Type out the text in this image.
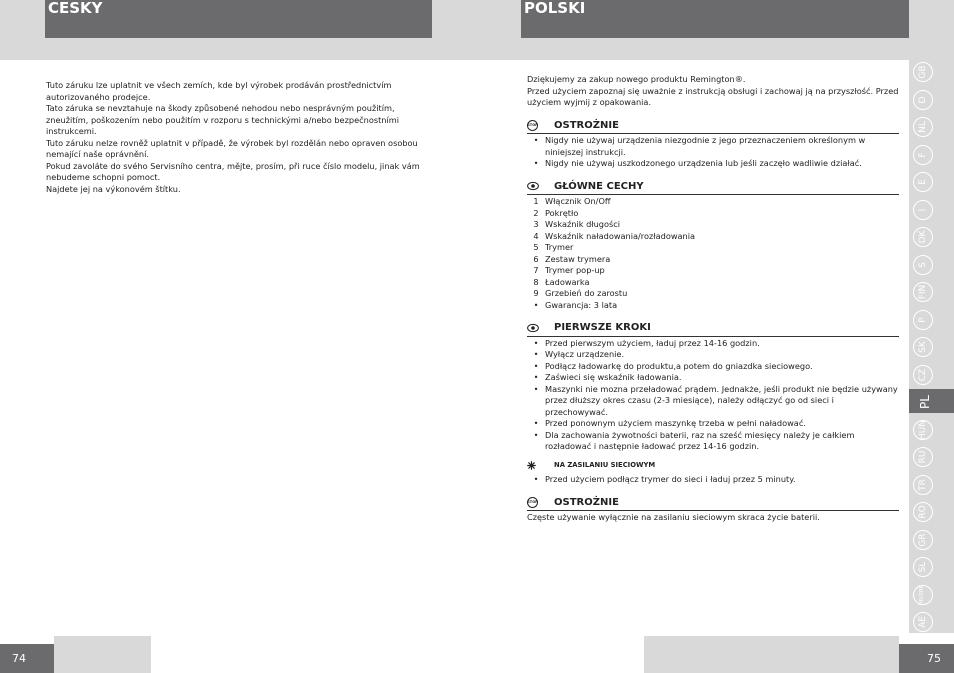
CESKY	POLSKI

Tuto záruku lze uplatnit ve všech zemích, kde byl výrobek prodáván prostřednictvím autorizovaného prodejce.

Tato záruka se nevztahuje na škody způsobené nehodou nebo nesprávným použitím, zneužitím, poškozením nebo použitím v rozporu s technickými a/nebo bezpečnostními instrukcemi.

Tuto záruku nelze rovněž uplatnit v případě, že výrobek byl rozdělán nebo opraven osobou nemající naše oprávnění.

Pokud zavoláte do svého Servisního centra, mějte, prosím, při ruce číslo modelu, jinak vám nebudeme schopni pomoct.

Najdete jej na výkonovém štítku.

Dziękujemy za zakup nowego produktu Remington®.

Przed użyciem zapoznaj się uważnie z instrukcją obsługi i zachowaj ją na przyszłość. Przed użyciem wyjmij z opakowania.

STOP OSTROŻNIE
• Nigdy nie używaj urządzenia niezgodnie z jego przeznaczeniem określonym w niniejszej instrukcji.
• Nigdy nie używaj uszkodzonego urządzenia lub jeśli zaczęło wadliwie działać.
GŁÓWNE CECHY
1 Włącznik On/Off
2 Pokrętło
3 Wskaźnik długości
4 Wskaźnik naładowania/rozładowania
5 Trymer
6 Zestaw trymera
7 Trymer pop-up
8 Ładowarka
9 Grzebień do zarostu
• Gwarancja: 3 lata
PIERWSZE KROKI
• Przed pierwszym użyciem, ładuj przez 14-16 godzin.
• Wyłącz urządzenie.
• Podłącz ładowarkę do produktu,a potem do gniazdka sieciowego.
• Zaświeci się wskaźnik ładowania.
• Maszynki nie mozna przeładować prądem. Jednakże, jeśli produkt nie będzie używany przez dłuższy okres czasu (2-3 miesiące), należy odłączyć go od sieci i przechowywać.
• Przed ponownym użyciem maszynkę trzeba w pełni naładować.
• Dla zachowania żywotności baterii, raz na sześć miesięcy należy je całkiem rozładować i następnie ładować przez 14-16 godzin.
NA ZASILANIU SIECIOWYM
• Przed użyciem podłącz trymer do sieci i ładuj przez 5 minuty.
STOP OSTROŻNIE

Częste używanie wyłącznie na zasilaniu sieciowym skraca życie baterii.

GB
D
NL
F
E
I
DK
S
FIN
P
SK
CZ
PL
HUN
RU
TR
RO
GR
SL
HR/SRB
AE
74	75
